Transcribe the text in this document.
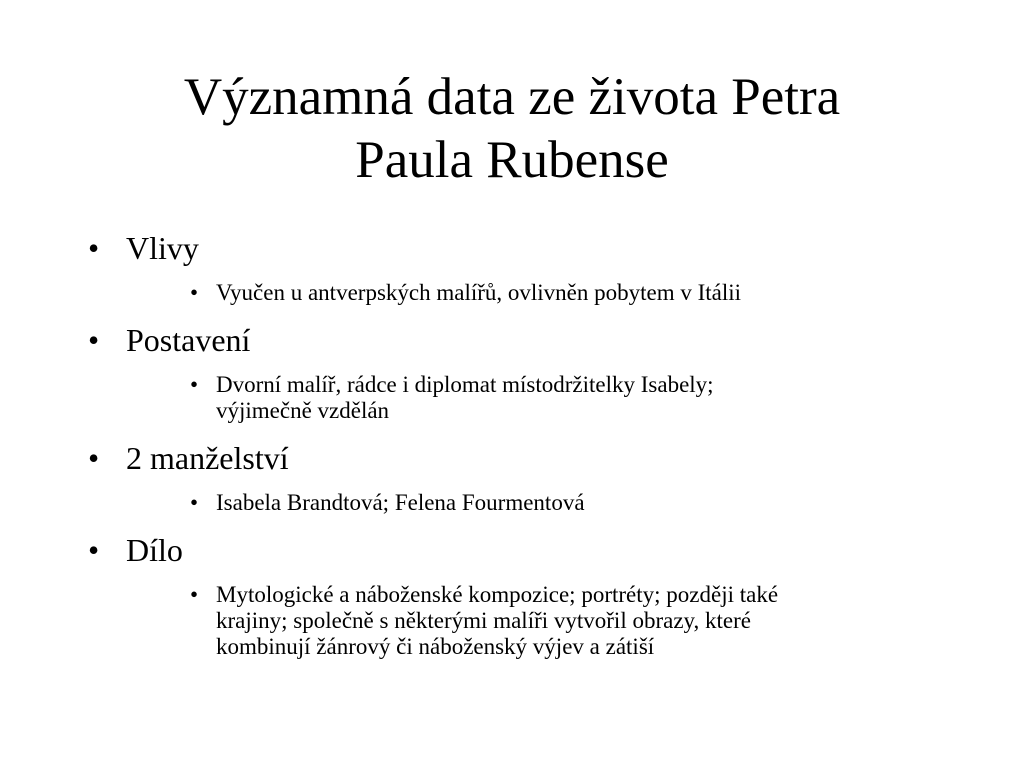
Významná data ze života Petra
Paula Rubense

• Vlivy

• Vyučen u antverpských malířů, ovlivněn pobytem v Itálii

• Postavení

• Dvorní malíř, rádce i diplomat místodržitelky Isabely;
výjimečně vzdělán

• 2 manželství

• Isabela Brandtová; Felena Fourmentová

• Dílo

• Mytologické a náboženské kompozice; portréty; později také
krajiny; společně s některými malíři vytvořil obrazy, které
kombinují žánrový či náboženský výjev a zátiší
